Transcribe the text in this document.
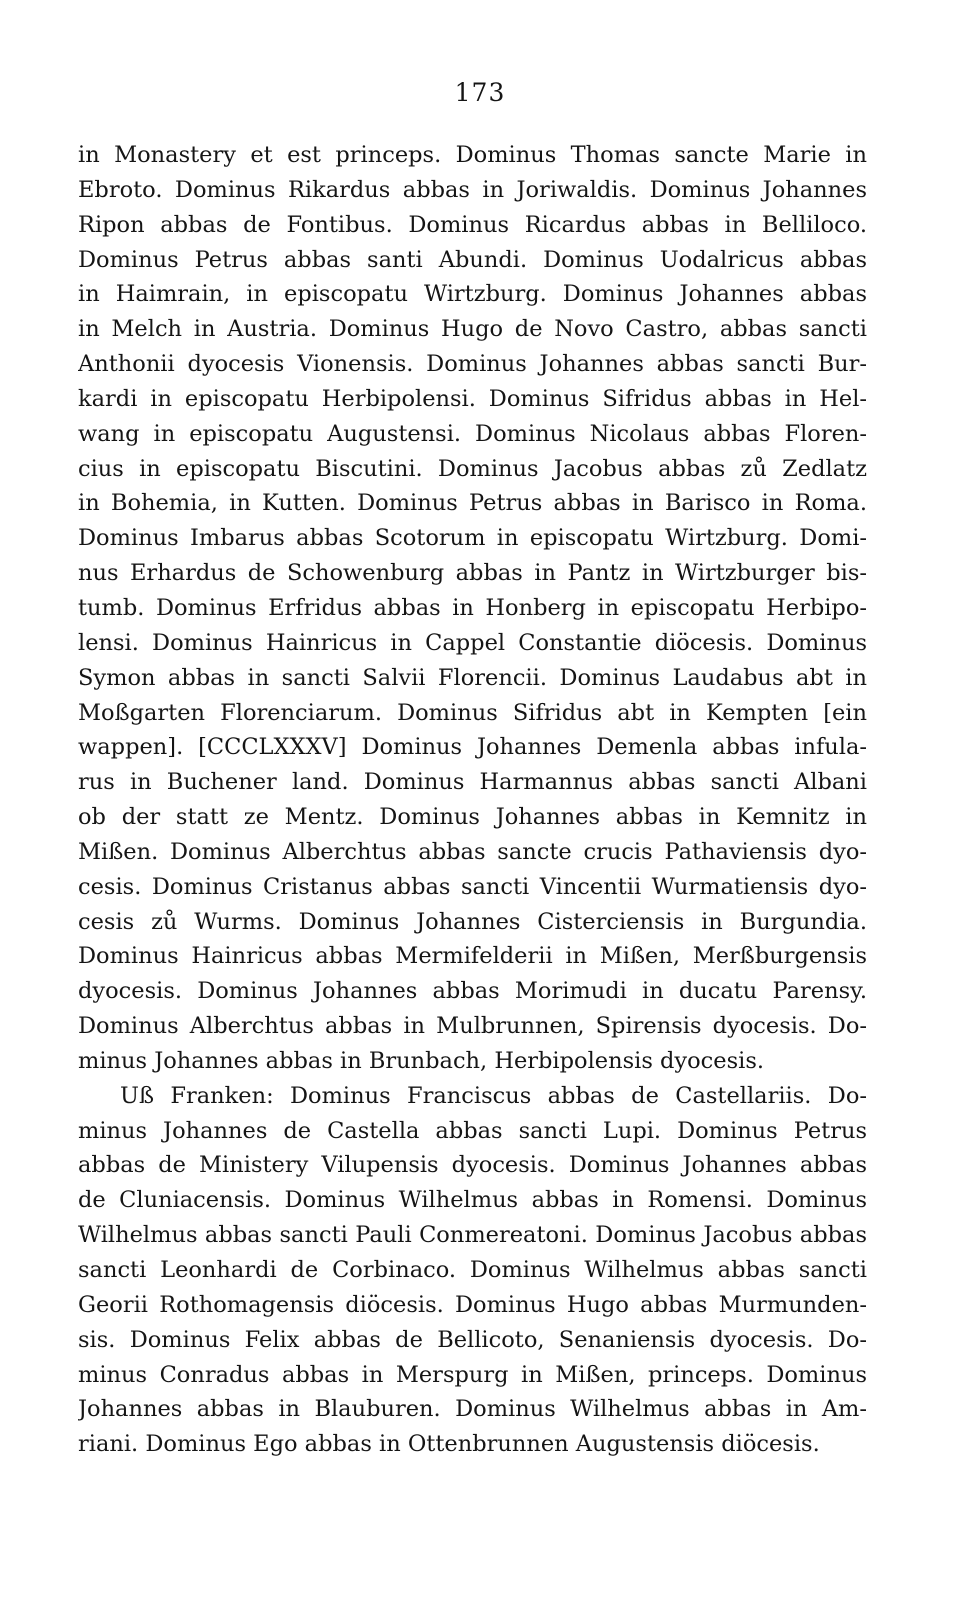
173
in Monastery et est princeps. Dominus Thomas sancte Marie in
Ebroto. Dominus Rikardus abbas in Joriwaldis. Dominus Johannes
Ripon abbas de Fontibus. Dominus Ricardus abbas in Belliloco.
Dominus Petrus abbas santi Abundi. Dominus Uodalricus abbas
in Haimrain, in episcopatu Wirtzburg. Dominus Johannes abbas
in Melch in Austria. Dominus Hugo de Novo Castro, abbas sancti
Anthonii dyocesis Vionensis. Dominus Johannes abbas sancti Bur-
kardi in episcopatu Herbipolensi. Dominus Sifridus abbas in Hel-
wang in episcopatu Augustensi. Dominus Nicolaus abbas Floren-
cius in episcopatu Biscutini. Dominus Jacobus abbas zů Zedlatz
in Bohemia, in Kutten. Dominus Petrus abbas in Barisco in Roma.
Dominus Imbarus abbas Scotorum in episcopatu Wirtzburg. Domi-
nus Erhardus de Schowenburg abbas in Pantz in Wirtzburger bis-
tumb. Dominus Erfridus abbas in Honberg in episcopatu Herbipo-
lensi. Dominus Hainricus in Cappel Constantie diöcesis. Dominus
Symon abbas in sancti Salvii Florencii. Dominus Laudabus abt in
Moßgarten Florenciarum. Dominus Sifridus abt in Kempten [ein
wappen]. [CCCLXXXV] Dominus Johannes Demenla abbas infula-
rus in Buchener land. Dominus Harmannus abbas sancti Albani
ob der statt ze Mentz. Dominus Johannes abbas in Kemnitz in
Mißen. Dominus Alberchtus abbas sancte crucis Pathaviensis dyo-
cesis. Dominus Cristanus abbas sancti Vincentii Wurmatiensis dyo-
cesis zů Wurms. Dominus Johannes Cisterciensis in Burgundia.
Dominus Hainricus abbas Mermifelderii in Mißen, Merßburgensis
dyocesis. Dominus Johannes abbas Morimudi in ducatu Parensy.
Dominus Alberchtus abbas in Mulbrunnen, Spirensis dyocesis. Do-
minus Johannes abbas in Brunbach, Herbipolensis dyocesis.
Uß Franken: Dominus Franciscus abbas de Castellariis. Do-
minus Johannes de Castella abbas sancti Lupi. Dominus Petrus
abbas de Ministery Vilupensis dyocesis. Dominus Johannes abbas
de Cluniacensis. Dominus Wilhelmus abbas in Romensi. Dominus
Wilhelmus abbas sancti Pauli Conmereatoni. Dominus Jacobus abbas
sancti Leonhardi de Corbinaco. Dominus Wilhelmus abbas sancti
Georii Rothomagensis diöcesis. Dominus Hugo abbas Murmunden-
sis. Dominus Felix abbas de Bellicoto, Senaniensis dyocesis. Do-
minus Conradus abbas in Merspurg in Mißen, princeps. Dominus
Johannes abbas in Blauburen. Dominus Wilhelmus abbas in Am-
riani. Dominus Ego abbas in Ottenbrunnen Augustensis diöcesis.
